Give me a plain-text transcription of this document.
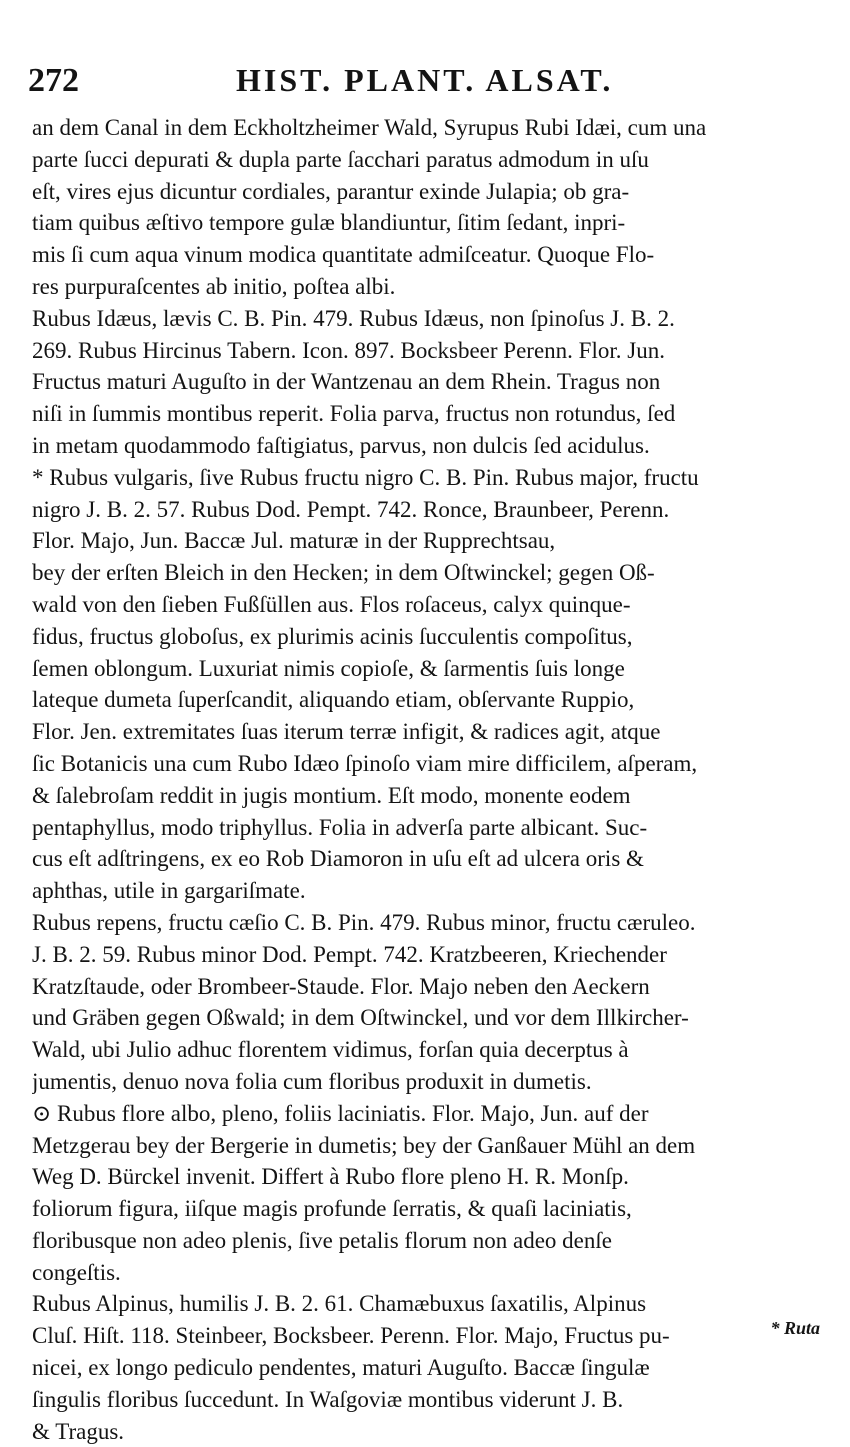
272	HIST. PLANT. ALSAT.
an dem Canal in dem Eckholtzheimer Wald, Syrupus Rubi Idæi, cum una
parte ſucci depurati & dupla parte ſacchari paratus admodum in uſu
eſt, vires ejus dicuntur cordiales, parantur exinde Julapia; ob gra-
tiam quibus æſtivo tempore gulæ blandiuntur, ſitim ſedant, inpri-
mis ſi cum aqua vinum modica quantitate admiſceatur. Quoque Flo-
res purpuraſcentes ab initio, poſtea albi.
Rubus Idæus, lævis C. B. Pin. 479. Rubus Idæus, non ſpinoſus J. B. 2.
269. Rubus Hircinus Tabern. Icon. 897. Bocksbeer Perenn. Flor. Jun.
Fructus maturi Auguſto in der Wantzenau an dem Rhein. Tragus non
niſi in ſummis montibus reperit. Folia parva, fructus non rotundus, ſed
in metam quodammodo faſtigiatus, parvus, non dulcis ſed acidulus.
* Rubus vulgaris, ſive Rubus fructu nigro C. B. Pin. Rubus major, fructu
nigro J. B. 2. 57. Rubus Dod. Pempt. 742. Ronce, Braunbeer, Perenn.
Flor. Majo, Jun. Baccæ Jul. maturæ in der Rupprechtsau,
bey der erſten Bleich in den Hecken; in dem Oſtwinckel; gegen Oß-
wald von den ſieben Fußſüllen aus. Flos roſaceus, calyx quinque-
fidus, fructus globoſus, ex plurimis acinis ſucculentis compoſitus,
ſemen oblongum. Luxuriat nimis copioſe, & ſarmentis ſuis longe
lateque dumeta ſuperſcandit, aliquando etiam, obſervante Ruppio,
Flor. Jen. extremitates ſuas iterum terræ infigit, & radices agit, atque
ſic Botanicis una cum Rubo Idæo ſpinoſo viam mire difficilem, aſperam,
& ſalebroſam reddit in jugis montium. Eſt modo, monente eodem
pentaphyllus, modo triphyllus. Folia in adverſa parte albicant. Suc-
cus eſt adſtringens, ex eo Rob Diamoron in uſu eſt ad ulcera oris &
aphthas, utile in gargariſmate.
Rubus repens, fructu cæſio C. B. Pin. 479. Rubus minor, fructu cæruleo.
J. B. 2. 59. Rubus minor Dod. Pempt. 742. Kratzbeeren, Kriechender
Kratzſtaude, oder Brombeer-Staude. Flor. Majo neben den Aeckern
und Gräben gegen Oßwald; in dem Oſtwinckel, und vor dem Illkircher-
Wald, ubi Julio adhuc florentem vidimus, forſan quia decerptus à
jumentis, denuo nova folia cum floribus produxit in dumetis.
⊙ Rubus flore albo, pleno, foliis laciniatis. Flor. Majo, Jun. auf der
Metzgerau bey der Bergerie in dumetis; bey der Ganßauer Mühl an dem
Weg D. Bürckel invenit. Differt à Rubo flore pleno H. R. Monſp.
foliorum figura, iiſque magis profunde ſerratis, & quaſi laciniatis,
floribusque non adeo plenis, ſive petalis florum non adeo denſe
congeſtis.
Rubus Alpinus, humilis J. B. 2. 61. Chamæbuxus ſaxatilis, Alpinus
Cluſ. Hiſt. 118. Steinbeer, Bocksbeer. Perenn. Flor. Majo, Fructus pu-
nicei, ex longo pediculo pendentes, maturi Auguſto. Baccæ ſingulæ
ſingulis floribus ſuccedunt. In Waſgoviæ montibus viderunt J. B.
& Tragus.
* Ruta
